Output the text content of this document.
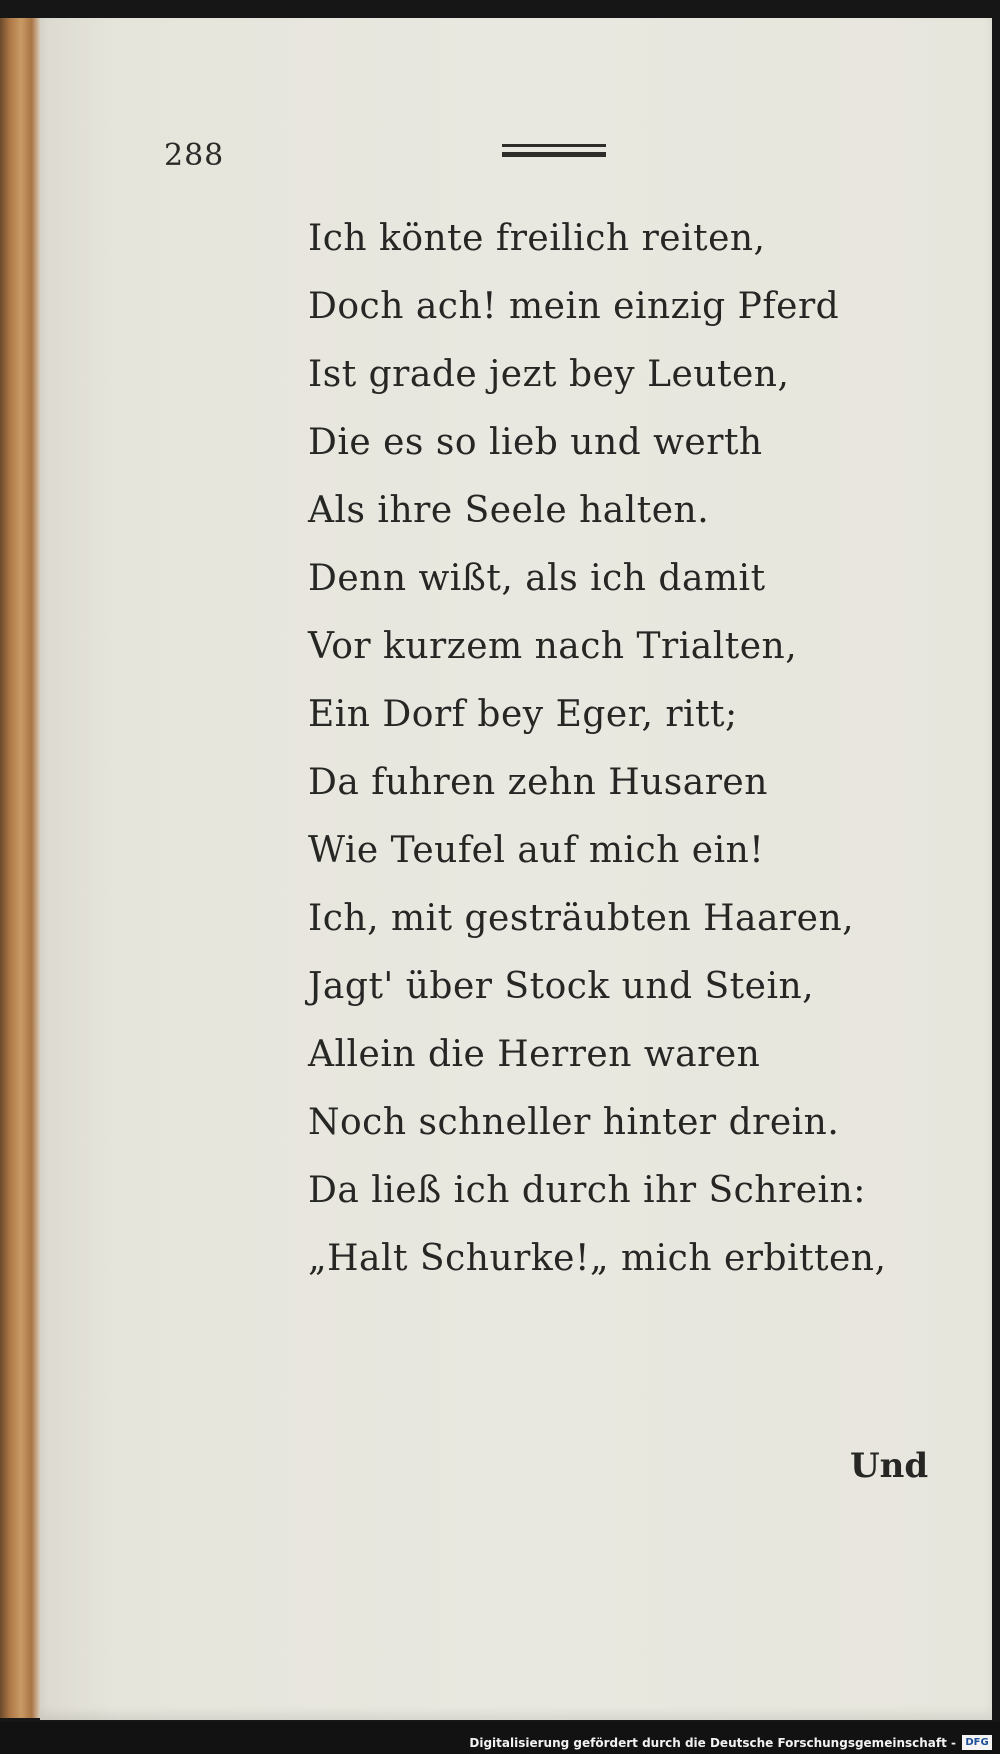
288
Ich könte freilich reiten,
Doch ach! mein einzig Pferd
Ist grade jezt bey Leuten,
Die es so lieb und werth
Als ihre Seele halten.
Denn wißt, als ich damit
Vor kurzem nach Trialten,
Ein Dorf bey Eger, ritt;
Da fuhren zehn Husaren
Wie Teufel auf mich ein!
Ich, mit gesträubten Haaren,
Jagt' über Stock und Stein,
Allein die Herren waren
Noch schneller hinter drein.
Da ließ ich durch ihr Schrein:
„Halt Schurke!„ mich erbitten,
Und
Digitalisierung gefördert durch die Deutsche Forschungsgemeinschaft - DFG
